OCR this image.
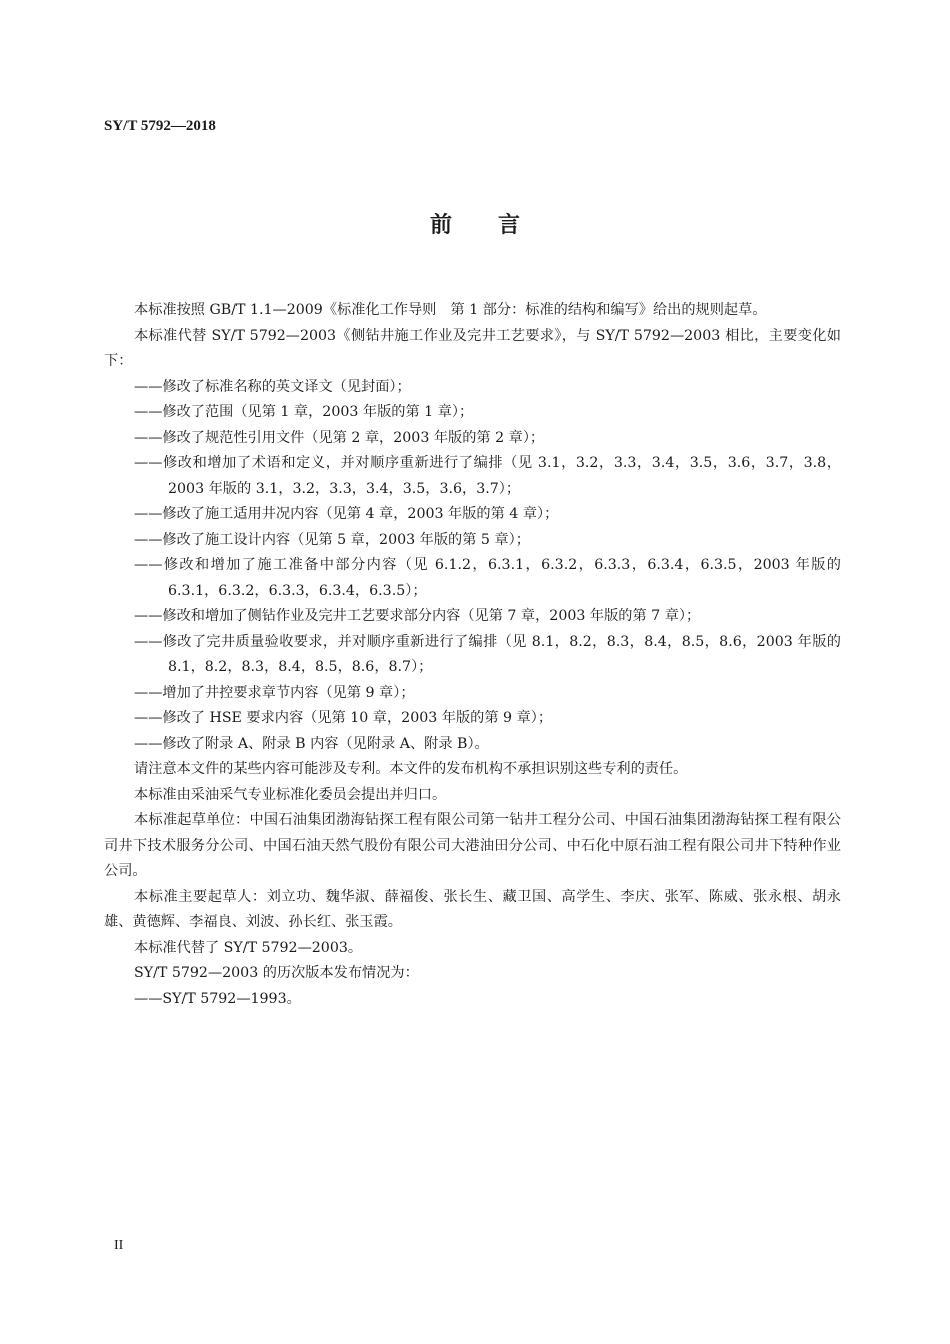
SY/T 5792—2018
前言

本标准按照 GB/T 1.1—2009《标准化工作导则　第 1 部分：标准的结构和编写》给出的规则起草。

本标准代替 SY/T 5792—2003《侧钻井施工作业及完井工艺要求》，与 SY/T 5792—2003 相比，主要变化如下：

——修改了标准名称的英文译文（见封面）；

——修改了范围（见第 1 章，2003 年版的第 1 章）；

——修改了规范性引用文件（见第 2 章，2003 年版的第 2 章）；

——修改和增加了术语和定义，并对顺序重新进行了编排（见 3.1，3.2，3.3，3.4，3.5，3.6，3.7，3.8，2003 年版的 3.1，3.2，3.3，3.4，3.5，3.6，3.7）；

——修改了施工适用井况内容（见第 4 章，2003 年版的第 4 章）；

——修改了施工设计内容（见第 5 章，2003 年版的第 5 章）；

——修改和增加了施工准备中部分内容（见 6.1.2，6.3.1，6.3.2，6.3.3，6.3.4，6.3.5，2003 年版的 6.3.1，6.3.2，6.3.3，6.3.4，6.3.5）；

——修改和增加了侧钻作业及完井工艺要求部分内容（见第 7 章，2003 年版的第 7 章）；

——修改了完井质量验收要求，并对顺序重新进行了编排（见 8.1，8.2，8.3，8.4，8.5，8.6，2003 年版的 8.1，8.2，8.3，8.4，8.5，8.6，8.7）；

——增加了井控要求章节内容（见第 9 章）；

——修改了 HSE 要求内容（见第 10 章，2003 年版的第 9 章）；

——修改了附录 A、附录 B 内容（见附录 A、附录 B）。

请注意本文件的某些内容可能涉及专利。本文件的发布机构不承担识别这些专利的责任。

本标准由采油采气专业标准化委员会提出并归口。

本标准起草单位：中国石油集团渤海钻探工程有限公司第一钻井工程分公司、中国石油集团渤海钻探工程有限公司井下技术服务分公司、中国石油天然气股份有限公司大港油田分公司、中石化中原石油工程有限公司井下特种作业公司。

本标准主要起草人：刘立功、魏华淑、薛福俊、张长生、藏卫国、高学生、李庆、张军、陈威、张永根、胡永雄、黄德辉、李福良、刘波、孙长红、张玉霞。

本标准代替了 SY/T 5792—2003。

SY/T 5792—2003 的历次版本发布情况为：

——SY/T 5792—1993。

II
